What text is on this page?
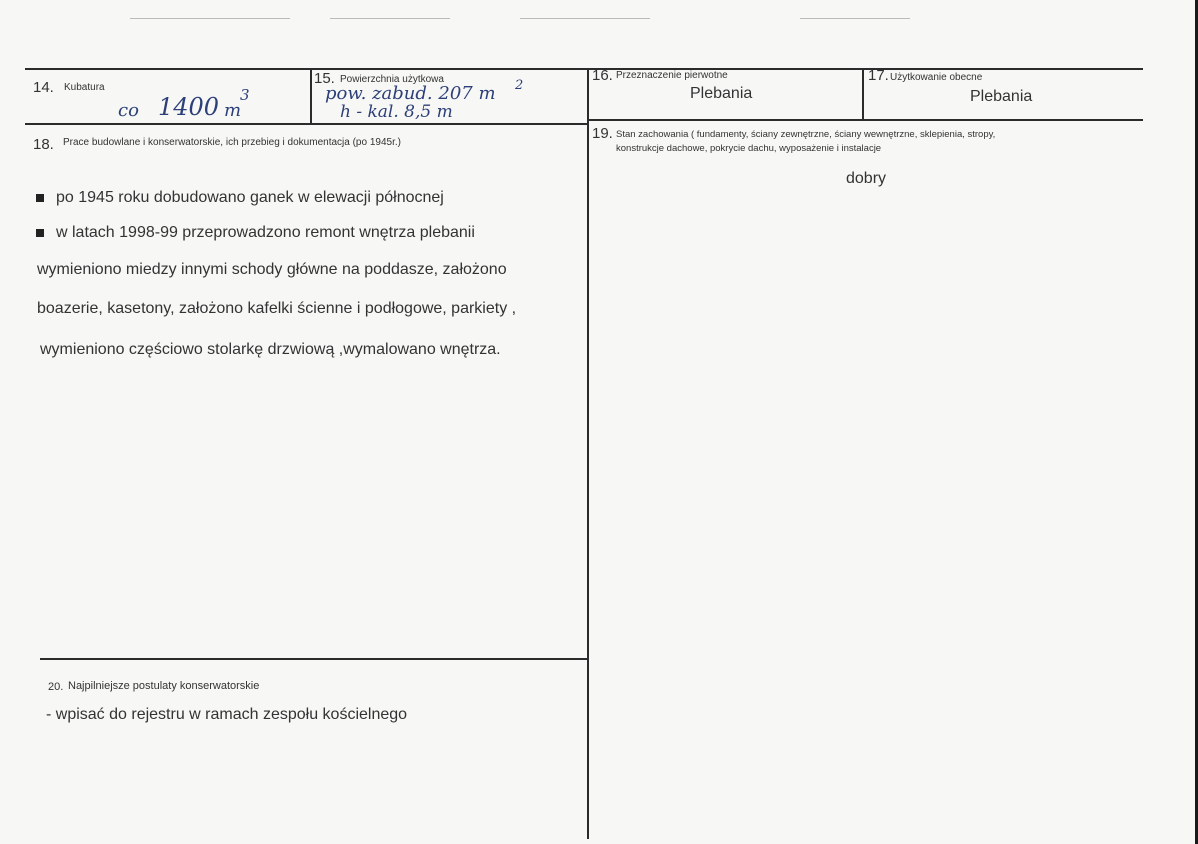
14. Kubatura
co 1400 m
3
15. Powierzchnia użytkowa
pow. zabud. 207 m 2
h - kal. 8,5 m
16. Przeznaczenie pierwotne
Plebania
17. Użytkowanie obecne
Plebania
18. Prace budowlane i konserwatorskie, ich przebieg i dokumentacja (po 1945r.)
po 1945 roku dobudowano ganek w elewacji północnej
w latach 1998-99 przeprowadzono remont wnętrza plebanii
wymieniono miedzy innymi schody główne na poddasze, założono
boazerie, kasetony, założono kafelki ścienne i podłogowe, parkiety ,
wymieniono częściowo stolarkę drzwiową ,wymalowano wnętrza.
19. Stan zachowania ( fundamenty, ściany zewnętrzne, ściany wewnętrzne, sklepienia, stropy,
konstrukcje dachowe, pokrycie dachu, wyposażenie i instalacje
dobry
20. Najpilniejsze postulaty konserwatorskie
- wpisać do rejestru w ramach zespołu kościelnego
